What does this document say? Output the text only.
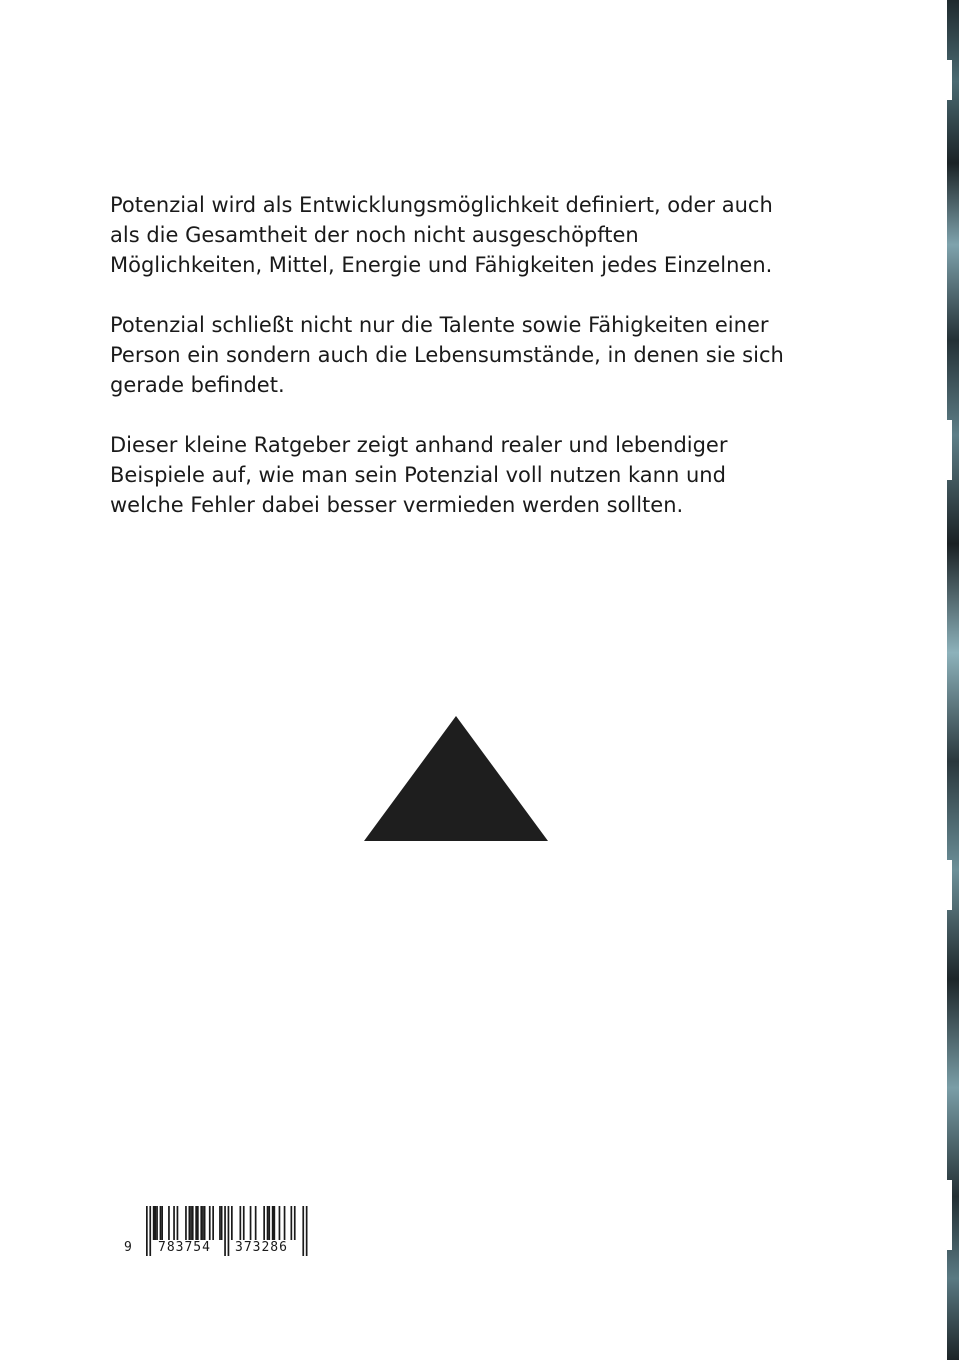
Potenzial wird als Entwicklungsmöglichkeit definiert, oder auch als die Gesamtheit der noch nicht ausgeschöpften Möglichkeiten, Mittel, Energie und Fähigkeiten jedes Einzelnen.

Potenzial schließt nicht nur die Talente sowie Fähigkeiten einer Person ein sondern auch die Lebensumstände, in denen sie sich gerade befindet.

Dieser kleine Ratgeber zeigt anhand realer und lebendiger Beispiele auf, wie man sein Potenzial voll nutzen kann und welche Fehler dabei besser vermieden werden sollten.

9 783754 373286
